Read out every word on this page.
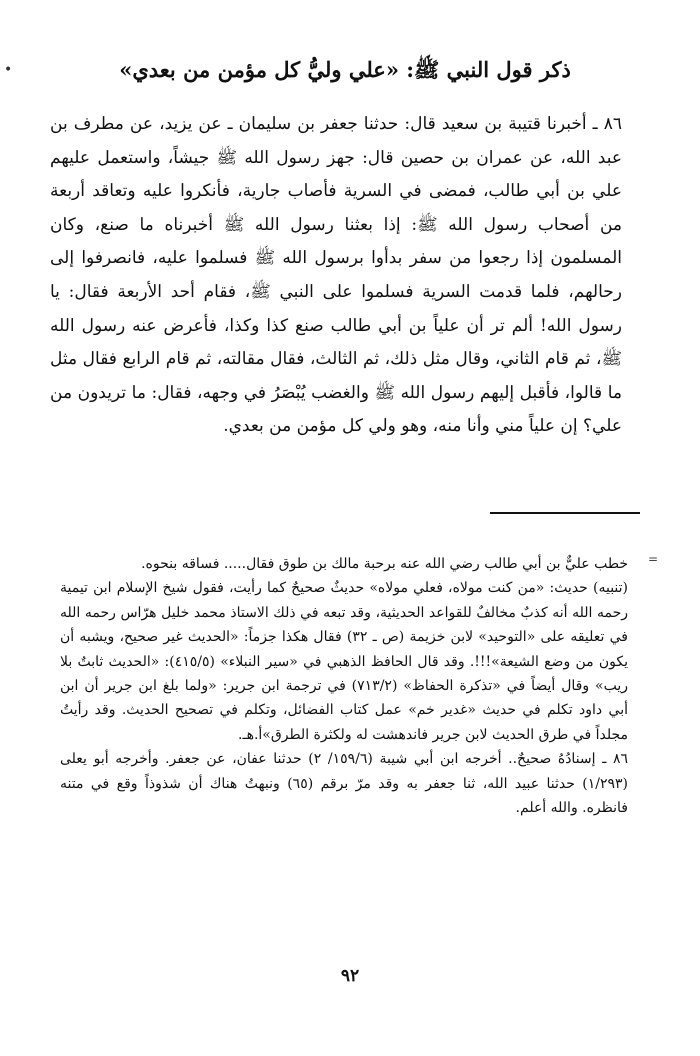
•	ذكر قول النبي ﷺ: «علي وليُّ كل مؤمن من بعدي»
٨٦ ـ أخبرنا قتيبة بن سعيد قال: حدثنا جعفر بن سليمان ـ عن يزيد، عن مطرف بن عبد الله، عن عمران بن حصين قال: جهز رسول الله ﷺ جيشاً، واستعمل عليهم علي بن أبي طالب، فمضى في السرية فأصاب جارية، فأنكروا عليه وتعاقد أربعة من أصحاب رسول الله ﷺ: إذا بعثنا رسول الله ﷺ أخبرناه ما صنع، وكان المسلمون إذا رجعوا من سفر بدأوا برسول الله ﷺ فسلموا عليه، فانصرفوا إلى رحالهم، فلما قدمت السرية فسلموا على النبي ﷺ، فقام أحد الأربعة فقال: يا رسول الله! ألم تر أن علياً بن أبي طالب صنع كذا وكذا، فأعرض عنه رسول الله ﷺ، ثم قام الثاني، وقال مثل ذلك، ثم الثالث، فقال مقالته، ثم قام الرابع فقال مثل ما قالوا، فأقبل إليهم رسول الله ﷺ والغضب يُبْصَرُ في وجهه، فقال: ما تريدون من علي؟ إن علياً مني وأنا منه، وهو ولي كل مؤمن من بعدي.
=

خطب عليٌّ بن أبي طالب رضي الله عنه برحبة مالك بن طوق فقال..... فساقه بنحوه.

(تنبيه) حديث: «من كنت مولاه، فعلي مولاه» حديثٌ صحيحٌ كما رأيت، فقول شيخ الإسلام ابن تيمية رحمه الله أنه كذبٌ مخالفٌ للقواعد الحديثية، وقد تبعه في ذلك الاستاذ محمد خليل هرّاس رحمه الله في تعليقه على «التوحيد» لابن خزيمة (ص ـ ٣٢) فقال هكذا جزماً: «الحديث غير صحيح، ويشبه أن يكون من وضع الشيعة»!!!. وقد قال الحافظ الذهبي في «سير النبلاء» (٤١٥/٥): «الحديث ثابتٌ بلا ريب» وقال أيضاً في «تذكرة الحفاظ» (٧١٣/٢) في ترجمة ابن جرير: «ولما بلغ ابن جرير أن ابن أبي داود تكلم في حديث «غدير خم» عمل كتاب الفضائل، وتكلم في تصحيح الحديث. وقد رأيتُ مجلداً في طرق الحديث لابن جرير فاندهشت له ولكثرة الطرق»أ.هـ.

٨٦ ـ إسنادُهُ صحيحٌ.. أخرجه ابن أبي شيبة (١٥٩/٦/ ٢) حدثنا عفان، عن جعفر. وأخرجه أبو يعلى (١/٢٩٣) حدثنا عبيد الله، ثنا جعفر به وقد مرّ برقم (٦٥) ونبهتُ هناك أن شذوذاً وقع في متنه فانظره. والله أعلم.

٩٢
